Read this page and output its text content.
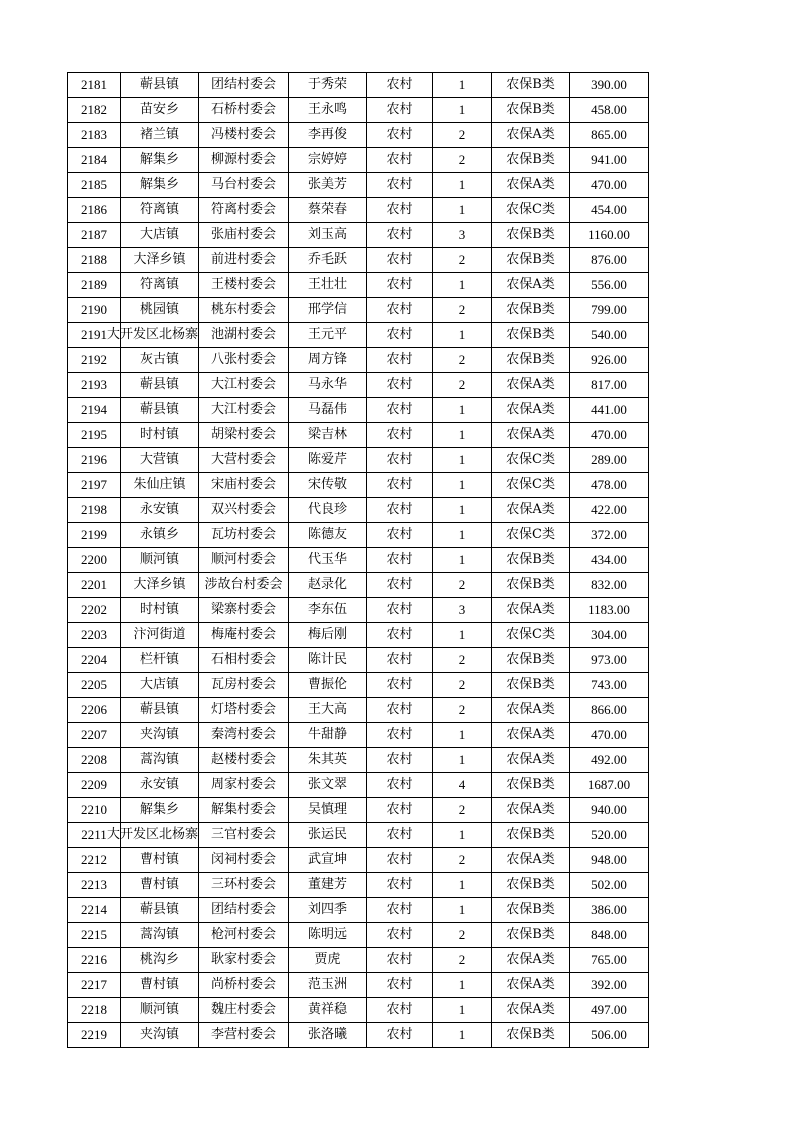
2181	蕲县镇	团结村委会	于秀荣	农村	1	农保B类	390.00
2182	苗安乡	石桥村委会	王永鸣	农村	1	农保B类	458.00
2183	褚兰镇	冯楼村委会	李再俊	农村	2	农保A类	865.00
2184	解集乡	柳源村委会	宗婷婷	农村	2	农保B类	941.00
2185	解集乡	马台村委会	张美芳	农村	1	农保A类	470.00
2186	符离镇	符离村委会	蔡荣春	农村	1	农保C类	454.00
2187	大店镇	张庙村委会	刘玉高	农村	3	农保B类	1160.00
2188	大泽乡镇	前进村委会	乔毛跃	农村	2	农保B类	876.00
2189	符离镇	王楼村委会	王壮壮	农村	1	农保A类	556.00
2190	桃园镇	桃东村委会	邢学信	农村	2	农保B类	799.00
2191	大开发区北杨寨	池湖村委会	王元平	农村	1	农保B类	540.00
2192	灰古镇	八张村委会	周方锋	农村	2	农保B类	926.00
2193	蕲县镇	大江村委会	马永华	农村	2	农保A类	817.00
2194	蕲县镇	大江村委会	马磊伟	农村	1	农保A类	441.00
2195	时村镇	胡梁村委会	梁吉林	农村	1	农保A类	470.00
2196	大营镇	大营村委会	陈爱芹	农村	1	农保C类	289.00
2197	朱仙庄镇	宋庙村委会	宋传敬	农村	1	农保C类	478.00
2198	永安镇	双兴村委会	代良珍	农村	1	农保A类	422.00
2199	永镇乡	瓦坊村委会	陈德友	农村	1	农保C类	372.00
2200	顺河镇	顺河村委会	代玉华	农村	1	农保B类	434.00
2201	大泽乡镇	涉故台村委会	赵录化	农村	2	农保B类	832.00
2202	时村镇	梁寨村委会	李东伍	农村	3	农保A类	1183.00
2203	汴河街道	梅庵村委会	梅后刚	农村	1	农保C类	304.00
2204	栏杆镇	石相村委会	陈计民	农村	2	农保B类	973.00
2205	大店镇	瓦房村委会	曹振伦	农村	2	农保B类	743.00
2206	蕲县镇	灯塔村委会	王大高	农村	2	农保A类	866.00
2207	夹沟镇	秦湾村委会	牛甜静	农村	1	农保A类	470.00
2208	蒿沟镇	赵楼村委会	朱其英	农村	1	农保A类	492.00
2209	永安镇	周家村委会	张文翠	农村	4	农保B类	1687.00
2210	解集乡	解集村委会	吴慎理	农村	2	农保A类	940.00
2211	大开发区北杨寨	三官村委会	张运民	农村	1	农保B类	520.00
2212	曹村镇	闵祠村委会	武宣坤	农村	2	农保A类	948.00
2213	曹村镇	三环村委会	董建芳	农村	1	农保B类	502.00
2214	蕲县镇	团结村委会	刘四季	农村	1	农保B类	386.00
2215	蒿沟镇	枪河村委会	陈明远	农村	2	农保B类	848.00
2216	桃沟乡	耿家村委会	贾虎	农村	2	农保A类	765.00
2217	曹村镇	尚桥村委会	范玉洲	农村	1	农保A类	392.00
2218	顺河镇	魏庄村委会	黄祥稳	农村	1	农保A类	497.00
2219	夹沟镇	李营村委会	张洛曦	农村	1	农保B类	506.00
